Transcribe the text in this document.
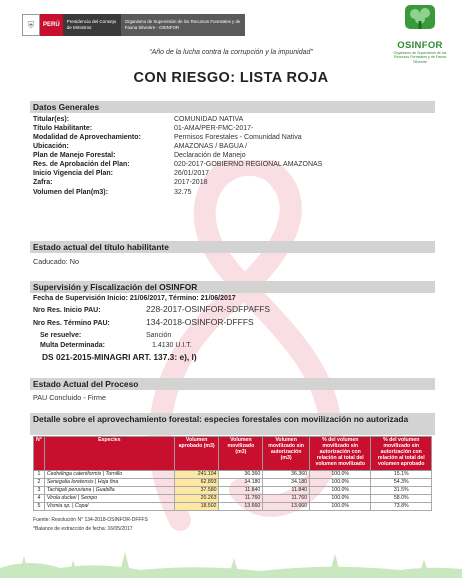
⛨	PERÚ
Presidencia del Consejo de Ministros
Organismo de Supervisión de los Recursos Forestales y de Fauna Silvestre - OSINFOR
OSINFOR
Organismo de Supervisión de los Recursos Forestales y de Fauna Silvestre
“Año de la lucha contra la corrupción y la impunidad”
CON RIESGO: LISTA ROJA
Datos Generales
Titular(es):	COMUNIDAD NATIVA
Título Habilitante:	01-AMA/PER-FMC-2017-
Modalidad de Aprovechamiento:	Permisos Forestales - Comunidad Nativa
Ubicación:	AMAZONAS / BAGUA /
Plan de Manejo Forestal:	Declaración de Manejo
Res. de Aprobación del Plan:	020-2017-GOBIERNO REGIONAL AMAZONAS
Inicio Vigencia del Plan:	26/01/2017
Zafra:	2017-2018
Volumen del Plan(m3):	32.75
Estado actual del título habilitante
Caducado: No
Supervisión y Fiscalización del OSINFOR
Fecha de Supervisión Inicio: 21/06/2017, Término: 21/06/2017
Nro Res. Inicio PAU:	228-2017-OSINFOR-SDFPAFFS
Nro Res. Término PAU:	134-2018-OSINFOR-DFFFS
Se resuelve:	Sanción
Multa Determinada:	1.4130 U.I.T.
DS 021-2015-MINAGRI ART. 137.3: e), l)
Estado Actual del Proceso
PAU Concluido - Firme
Detalle sobre el aprovechamiento forestal: especies forestales con movilización no autorizada
N°	Especies	Volumen aprobado (m3)	Volumen movilizado (m3)	Volumen movilizado sin autorización (m3)	% del volumen movilizado sin autorización con relación al total del volumen movilizado	% del volumen movilizado sin autorización con relación al total del volumen aprobado
1	Cedrelinga cateniformis | Tornillo	241.104	36.360	36.360	100.0%	15.1%
2	Senegalia loretensis | Hoja fina	62.893	34.180	34.180	100.0%	54.3%
3	Tachigali peruviana | Guabilla	37.580	11.840	11.840	100.0%	31.5%
4	Virola duckei | Sempo	20.263	11.760	11.760	100.0%	58.0%
5	Vismia sp. | Copal	18.502	13.660	13.660	100.0%	73.8%
Fuente: Resolución N° 134-2018-OSINFOR-DFFFS
*Balance de extracción de fecha: 16/05/2017
